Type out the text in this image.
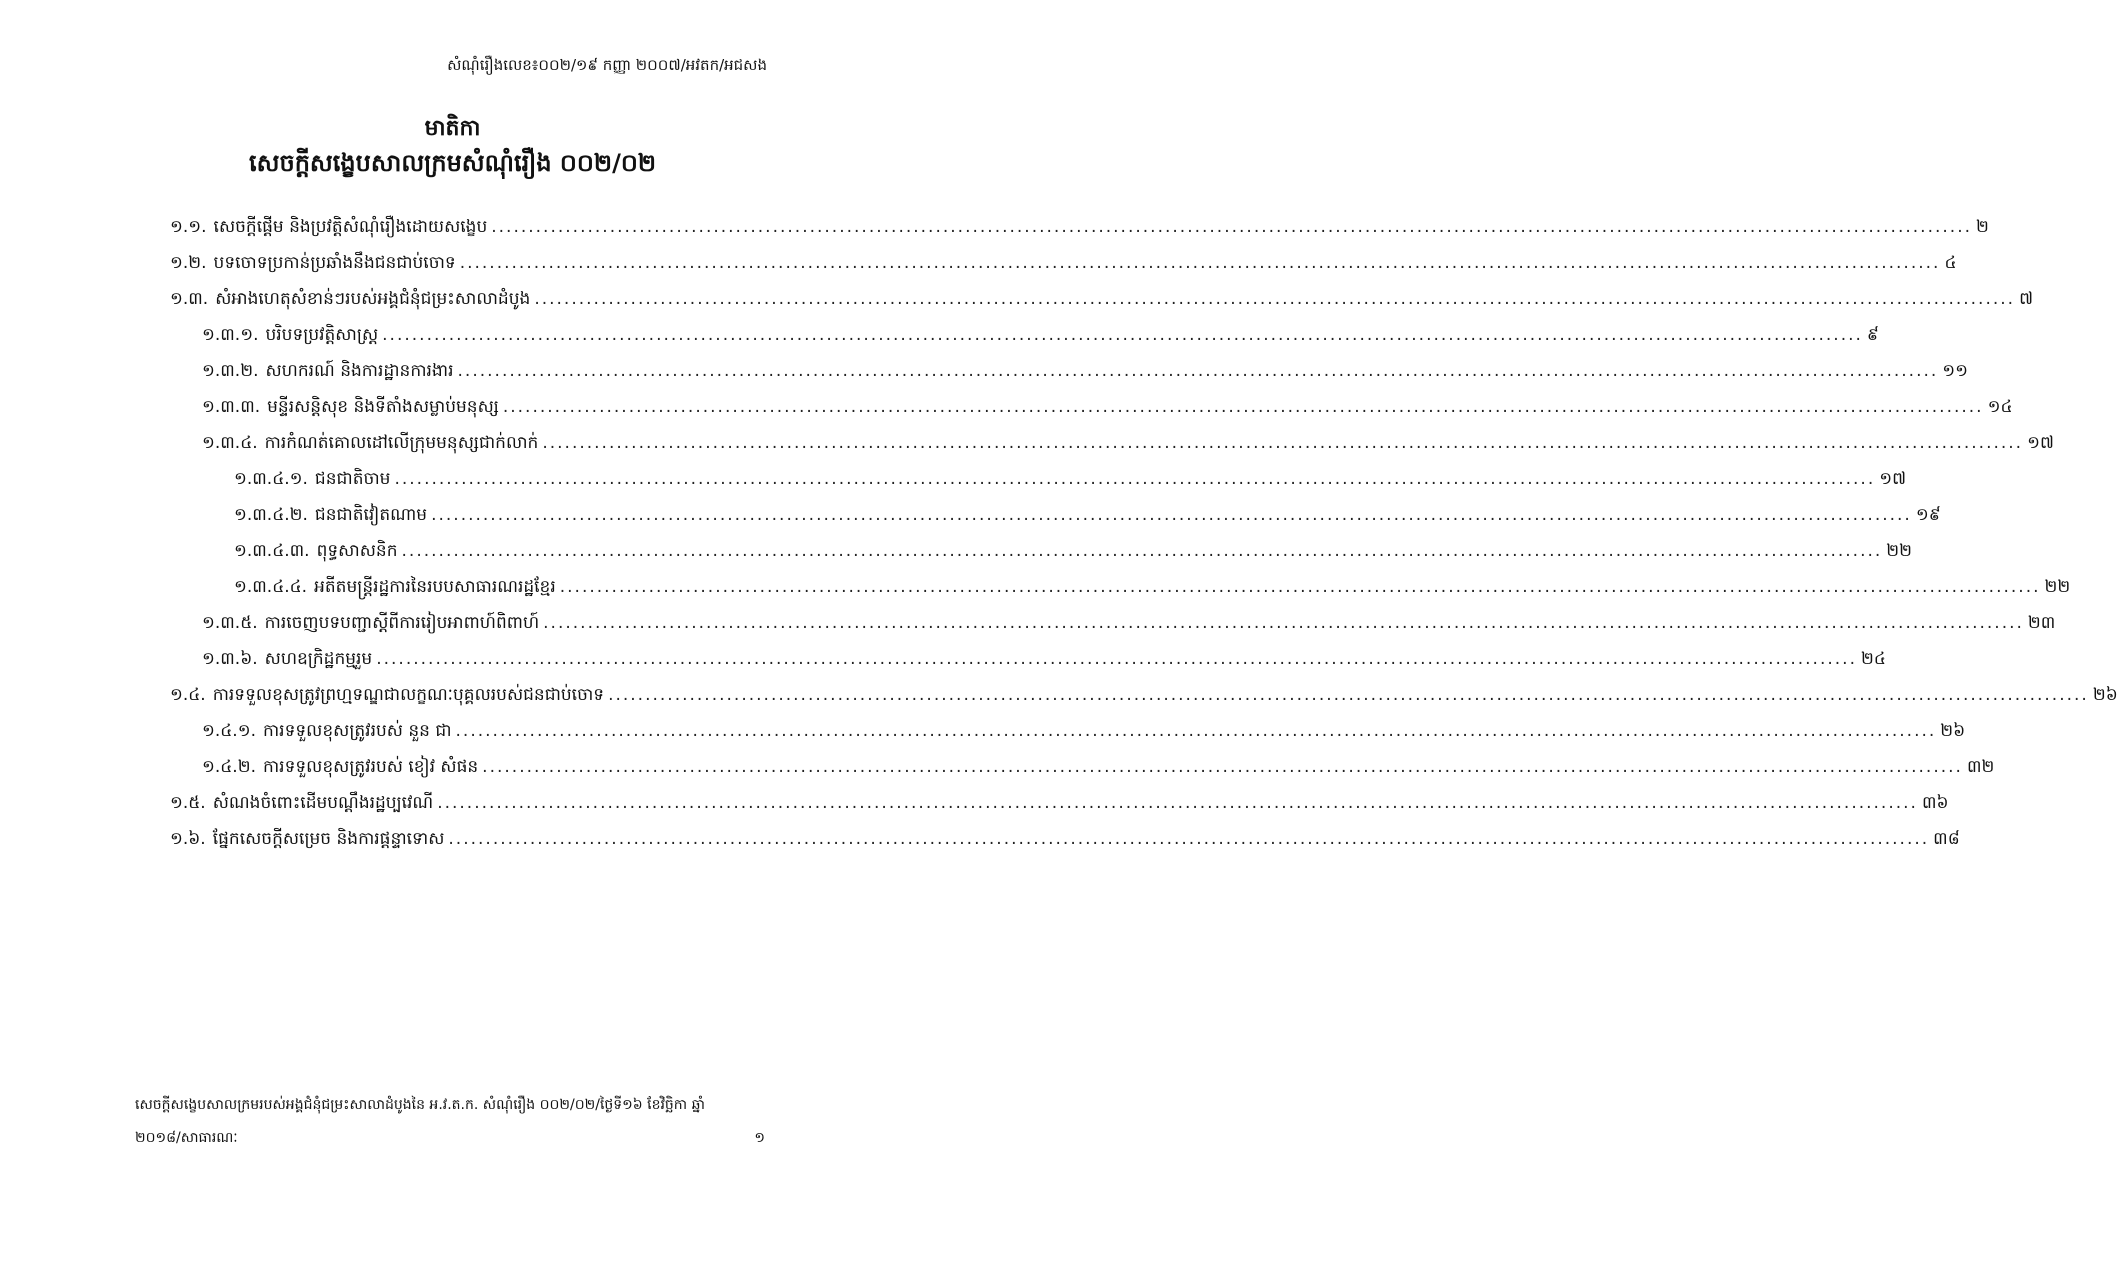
សំណុំរឿងលេខ៖០០២/១៩ កញ្ញា ២០០៧/អវតក/អជសង
មាតិកា
សេចក្ដីសង្ខេបសាលក្រមសំណុំរឿង ០០២/០២
១.១. សេចក្ដីផ្ដើម និងប្រវត្តិសំណុំរឿងដោយសង្ខេប ........................................................................................................................................................................................................ ២
១.២. បទចោទប្រកាន់ប្រឆាំងនឹងជនជាប់ចោទ ........................................................................................................................................................................................................ ៤
១.៣. សំអាងហេតុសំខាន់ៗរបស់អង្គជំនុំជម្រះសាលាដំបូង ........................................................................................................................................................................................................ ៧
១.៣.១. បរិបទប្រវត្តិសាស្ត្រ ........................................................................................................................................................................................................ ៩
១.៣.២. សហករណ៍ និងការដ្ឋានការងារ ........................................................................................................................................................................................................ ១១
១.៣.៣. មន្ទីរសន្ដិសុខ និងទីតាំងសម្លាប់មនុស្ស ........................................................................................................................................................................................................ ១៤
១.៣.៤. ការកំណត់គោលដៅលើក្រុមមនុស្សជាក់លាក់ ........................................................................................................................................................................................................ ១៧
១.៣.៤.១. ជនជាតិចាម ........................................................................................................................................................................................................ ១៧
១.៣.៤.២. ជនជាតិវៀតណាម ........................................................................................................................................................................................................ ១៩
១.៣.៤.៣. ពុទ្ធសាសនិក ........................................................................................................................................................................................................ ២២
១.៣.៤.៤. អតីតមន្ត្រីរដ្ឋការនៃរបបសាធារណរដ្ឋខ្មែរ ........................................................................................................................................................................................................ ២២
១.៣.៥. ការចេញបទបញ្ជាស្ដីពីការរៀបអាពាហ៍ពិពាហ៍ ........................................................................................................................................................................................................ ២៣
១.៣.៦. សហឧក្រិដ្ឋកម្មរួម ........................................................................................................................................................................................................ ២៤
១.៤. ការទទួលខុសត្រូវព្រហ្មទណ្ឌជាលក្ខណៈបុគ្គលរបស់ជនជាប់ចោទ ........................................................................................................................................................................................................ ២៦
១.៤.១. ការទទួលខុសត្រូវរបស់ នួន ជា ........................................................................................................................................................................................................ ២៦
១.៤.២. ការទទួលខុសត្រូវរបស់ ខៀវ សំផន ........................................................................................................................................................................................................ ៣២
១.៥. សំណងចំពោះដើមបណ្ដឹងរដ្ឋប្បវេណី ........................................................................................................................................................................................................ ៣៦
១.៦. ផ្នែកសេចក្ដីសម្រេច និងការផ្ដន្ទាទោស ........................................................................................................................................................................................................ ៣៨
សេចក្ដីសង្ខេបសាលក្រមរបស់អង្គជំនុំជម្រះសាលាដំបូងនៃ អ.វ.ត.ក. សំណុំរឿង ០០២/០២/ថ្ងៃទី១៦ ខែវិច្ឆិកា ឆ្នាំ
២០១៨/សាធារណៈ	១
